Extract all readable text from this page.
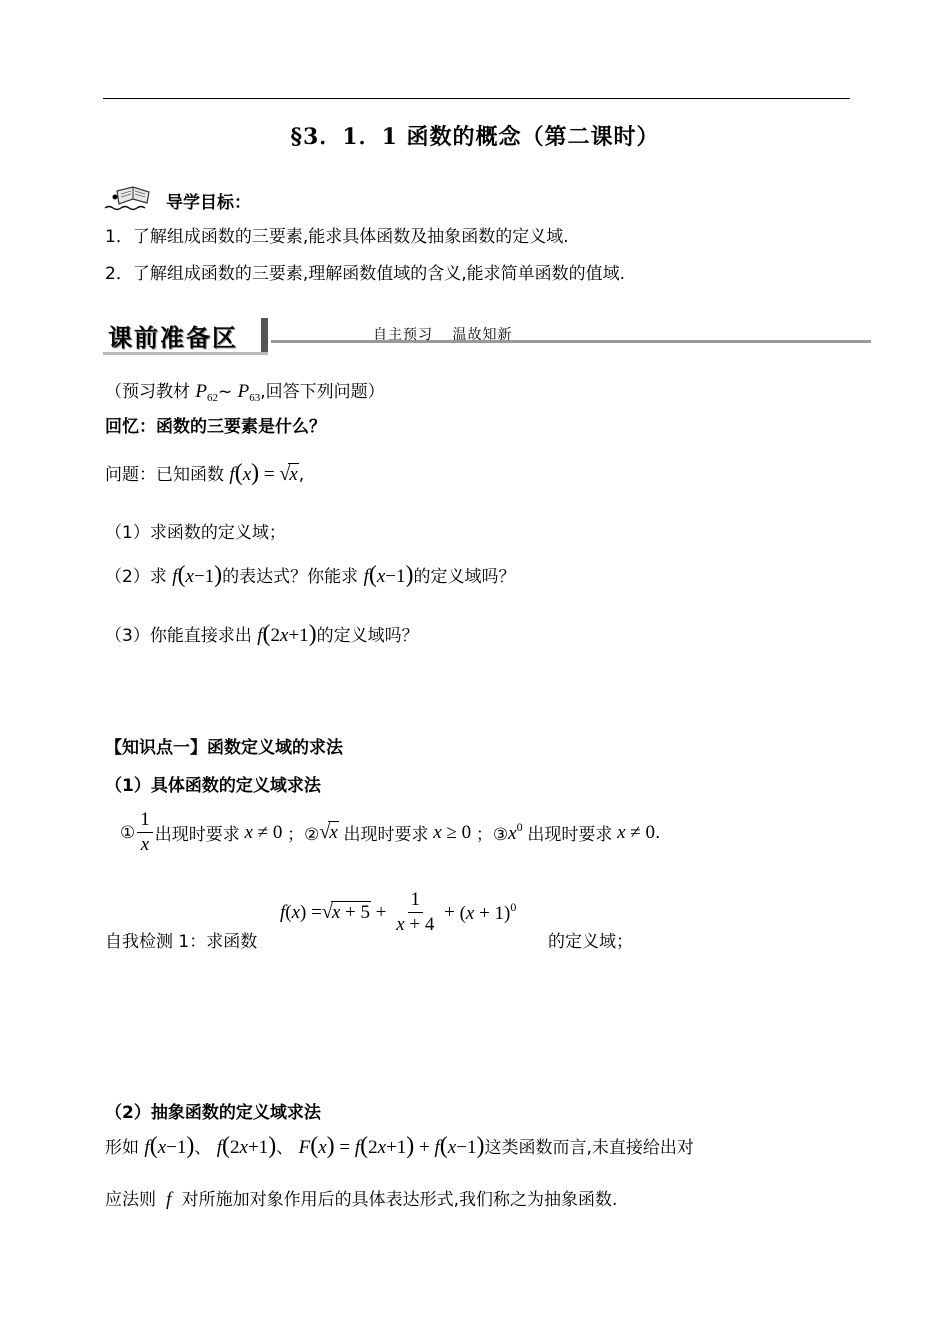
§3．1．1 函数的概念（第二课时）
导学目标：
1．了解组成函数的三要素,能求具体函数及抽象函数的定义域.
2．了解组成函数的三要素,理解函数值域的含义,能求简单函数的值域.
课前准备区	自主预习　 温故知新
（预习教材 $P_{62}\sim$ $P_{63}$,回答下列问题）
回忆：函数的三要素是什么？
问题：已知函数 f(x) = √x,
（1）求函数的定义域；
（2）求 f(x−1)的表达式？你能求 f(x−1)的定义域吗？
（3）你能直接求出 f(2x+1)的定义域吗？
【知识点一】函数定义域的求法
（1）具体函数的定义域求法
① $\frac{1}{x}$ 出现时要求 x ≠ 0 ；② √x 出现时要求 x ≥ 0 ；③ $x^0$ 出现时要求 x ≠ 0 .
自我检测 1：求函数
$f(x) = √x + 5 + \frac{1}{x + 4} + (x + 1)^0$
的定义域；
（2）抽象函数的定义域求法
形如 f(x−1)、 f(2x+1)、 F(x) = f(2x+1) + f(x−1)这类函数而言,未直接给出对
应法则  f  对所施加对象作用后的具体表达形式,我们称之为抽象函数.
